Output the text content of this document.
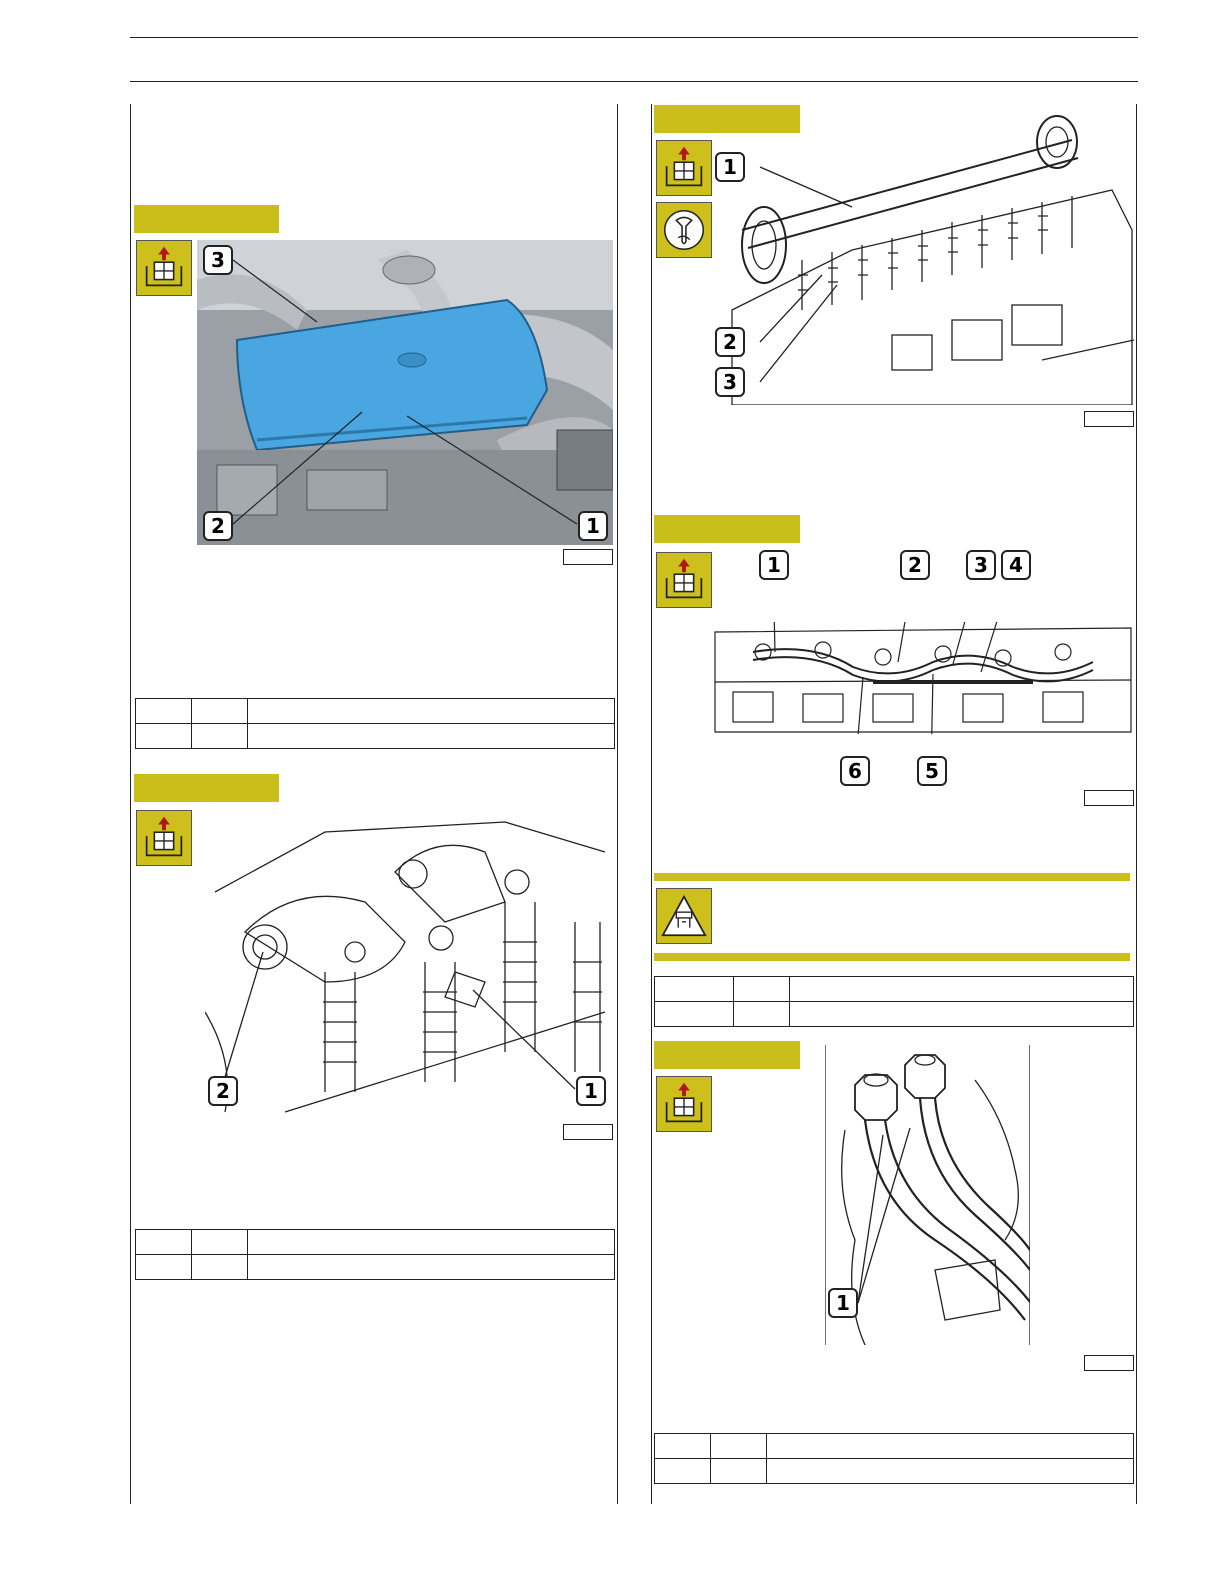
3
2	1

2	1

1
2
3
1	2	3	4
6	5

1
